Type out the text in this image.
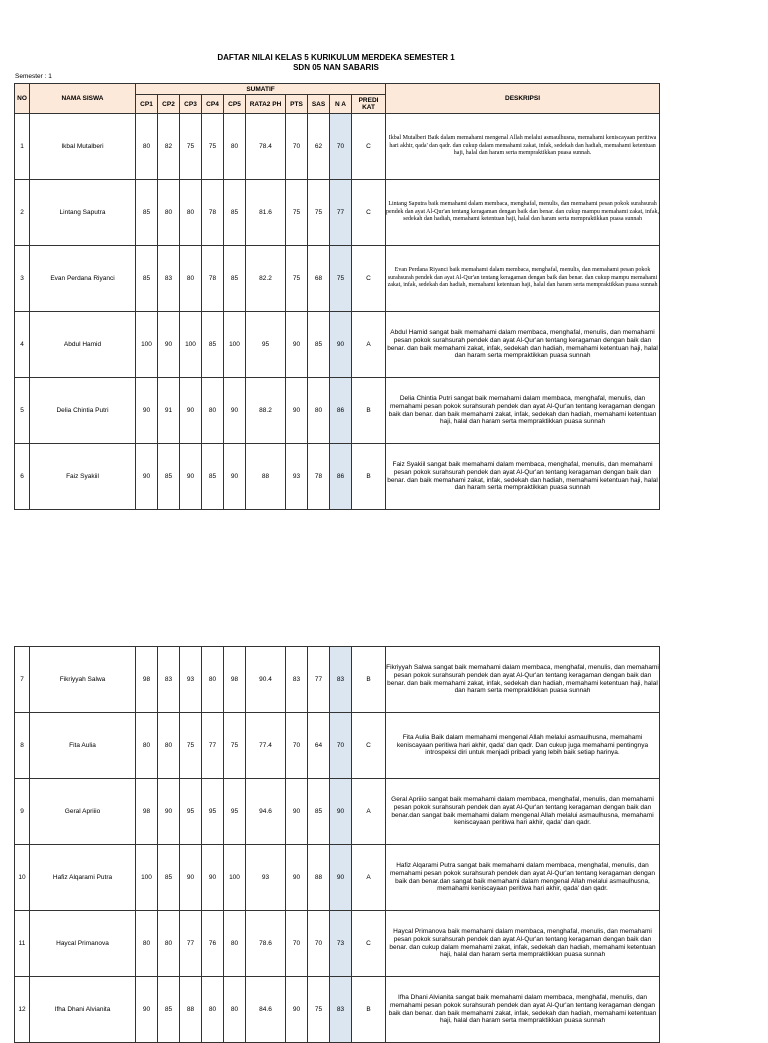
DAFTAR NILAI KELAS 5 KURIKULUM MERDEKA SEMESTER 1
SDN 05 NAN SABARIS
Semester : 1
NO	NAMA SISWA	SUMATIF										DESKRIPSI
		CP1	CP2	CP3	CP4	CP5	RATA2 PH	PTS	SAS	N A	PREDI
KAT	
1	Ikbal Mutalberi	80	82	75	75	80	78.4	70	62	70	C	Ikbal Mutalberi Baik dalam memahami mengenal Allah melalui asmaulhusna, memahami keniscayaan peritiwa hari akhir, qada' dan qadr. dan cukup dalam memahami zakat, infak, sedekah dan hadiah, memahami ketentuan haji, halal dan haram serta mempraktikkan puasa sunnah.
2	Lintang Saputra	85	80	80	78	85	81.6	75	75	77	C	Lintang Saputra baik memahami dalam membaca, menghafal, menulis, dan memahami pesan pokok surahsurah pendek dan ayat Al-Qur'an tentang keragaman dengan baik dan benar. dan cukup mampu memahami zakat, infak, sedekah dan hadiah, memahami ketentuan haji, halal dan haram serta mempraktikkan puasa sunnah
3	Evan Perdana Riyanci	85	83	80	78	85	82.2	75	68	75	C	Evan Perdana Riyanci baik memahami dalam membaca, menghafal, menulis, dan memahami pesan pokok surahsurah pendek dan ayat Al-Qur'an tentang keragaman dengan baik dan benar. dan cukup mampu memahami zakat, infak, sedekah dan hadiah, memahami ketentuan haji, halal dan haram serta mempraktikkan puasa sunnah
4	Abdul Hamid	100	90	100	85	100	95	90	85	90	A	Abdul Hamid sangat baik memahami dalam membaca, menghafal, menulis, dan memahami pesan pokok surahsurah pendek dan ayat Al-Qur'an tentang keragaman dengan baik dan benar. dan baik memahami zakat, infak, sedekah dan hadiah, memahami ketentuan haji, halal dan haram serta mempraktikkan puasa sunnah
5	Delia Chintia Putri	90	91	90	80	90	88.2	90	80	86	B	Delia Chintia Putri sangat baik memahami dalam membaca, menghafal, menulis, dan memahami pesan pokok surahsurah pendek dan ayat Al-Qur'an tentang keragaman dengan baik dan benar. dan baik memahami zakat, infak, sedekah dan hadiah, memahami ketentuan haji, halal dan haram serta mempraktikkan puasa sunnah
6	Faiz Syakiil	90	85	90	85	90	88	93	78	86	B	Faiz Syakiil sangat baik memahami dalam membaca, menghafal, menulis, dan memahami pesan pokok surahsurah pendek dan ayat Al-Qur'an tentang keragaman dengan baik dan benar. dan baik memahami zakat, infak, sedekah dan hadiah, memahami ketentuan haji, halal dan haram serta mempraktikkan puasa sunnah
7	Fikriyyah Salwa	98	83	93	80	98	90.4	83	77	83	B	Fikriyyah Salwa sangat baik memahami dalam membaca, menghafal, menulis, dan memahami pesan pokok surahsurah pendek dan ayat Al-Qur'an tentang keragaman dengan baik dan benar. dan baik memahami zakat, infak, sedekah dan hadiah, memahami ketentuan haji, halal dan haram serta mempraktikkan puasa sunnah
8	Fita Aulia	80	80	75	77	75	77.4	70	64	70	C	Fita Aulia Baik dalam memahami mengenal Allah melalui asmaulhusna, memahami keniscayaan peritiwa hari akhir, qada' dan qadr. Dan cukup juga memahami pentingnya introspeksi diri untuk menjadi pribadi yang lebih baik setiap harinya.
9	Geral Apriiio	98	90	95	95	95	94.6	90	85	90	A	Geral Apriiio sangat baik memahami dalam membaca, menghafal, menulis, dan memahami pesan pokok surahsurah pendek dan ayat Al-Qur'an tentang keragaman dengan baik dan benar.dan sangat baik memahami dalam mengenal Allah melalui asmaulhusna, memahami keniscayaan peritiwa hari akhir, qada' dan qadr.
10	Hafiz Alqarami Putra	100	85	90	90	100	93	90	88	90	A	Hafiz Alqarami Putra sangat baik memahami dalam membaca, menghafal, menulis, dan memahami pesan pokok surahsurah pendek dan ayat Al-Qur'an tentang keragaman dengan baik dan benar.dan sangat baik memahami dalam mengenal Allah melalui asmaulhusna, memahami keniscayaan peritiwa hari akhir, qada' dan qadr.
11	Haycal Primanova	80	80	77	76	80	78.6	70	70	73	C	Haycal Primanova baik memahami dalam membaca, menghafal, menulis, dan memahami pesan pokok surahsurah pendek dan ayat Al-Qur'an tentang keragaman dengan baik dan benar. dan cukup dalam memahami zakat, infak, sedekah dan hadiah, memahami ketentuan haji, halal dan haram serta mempraktikkan puasa sunnah
12	Ifha Dhani Alvianita	90	85	88	80	80	84.6	90	75	83	B	Ifha Dhani Alvianita sangat baik memahami dalam membaca, menghafal, menulis, dan memahami pesan pokok surahsurah pendek dan ayat Al-Qur'an tentang keragaman dengan baik dan benar. dan baik memahami zakat, infak, sedekah dan hadiah, memahami ketentuan haji, halal dan haram serta mempraktikkan puasa sunnah
